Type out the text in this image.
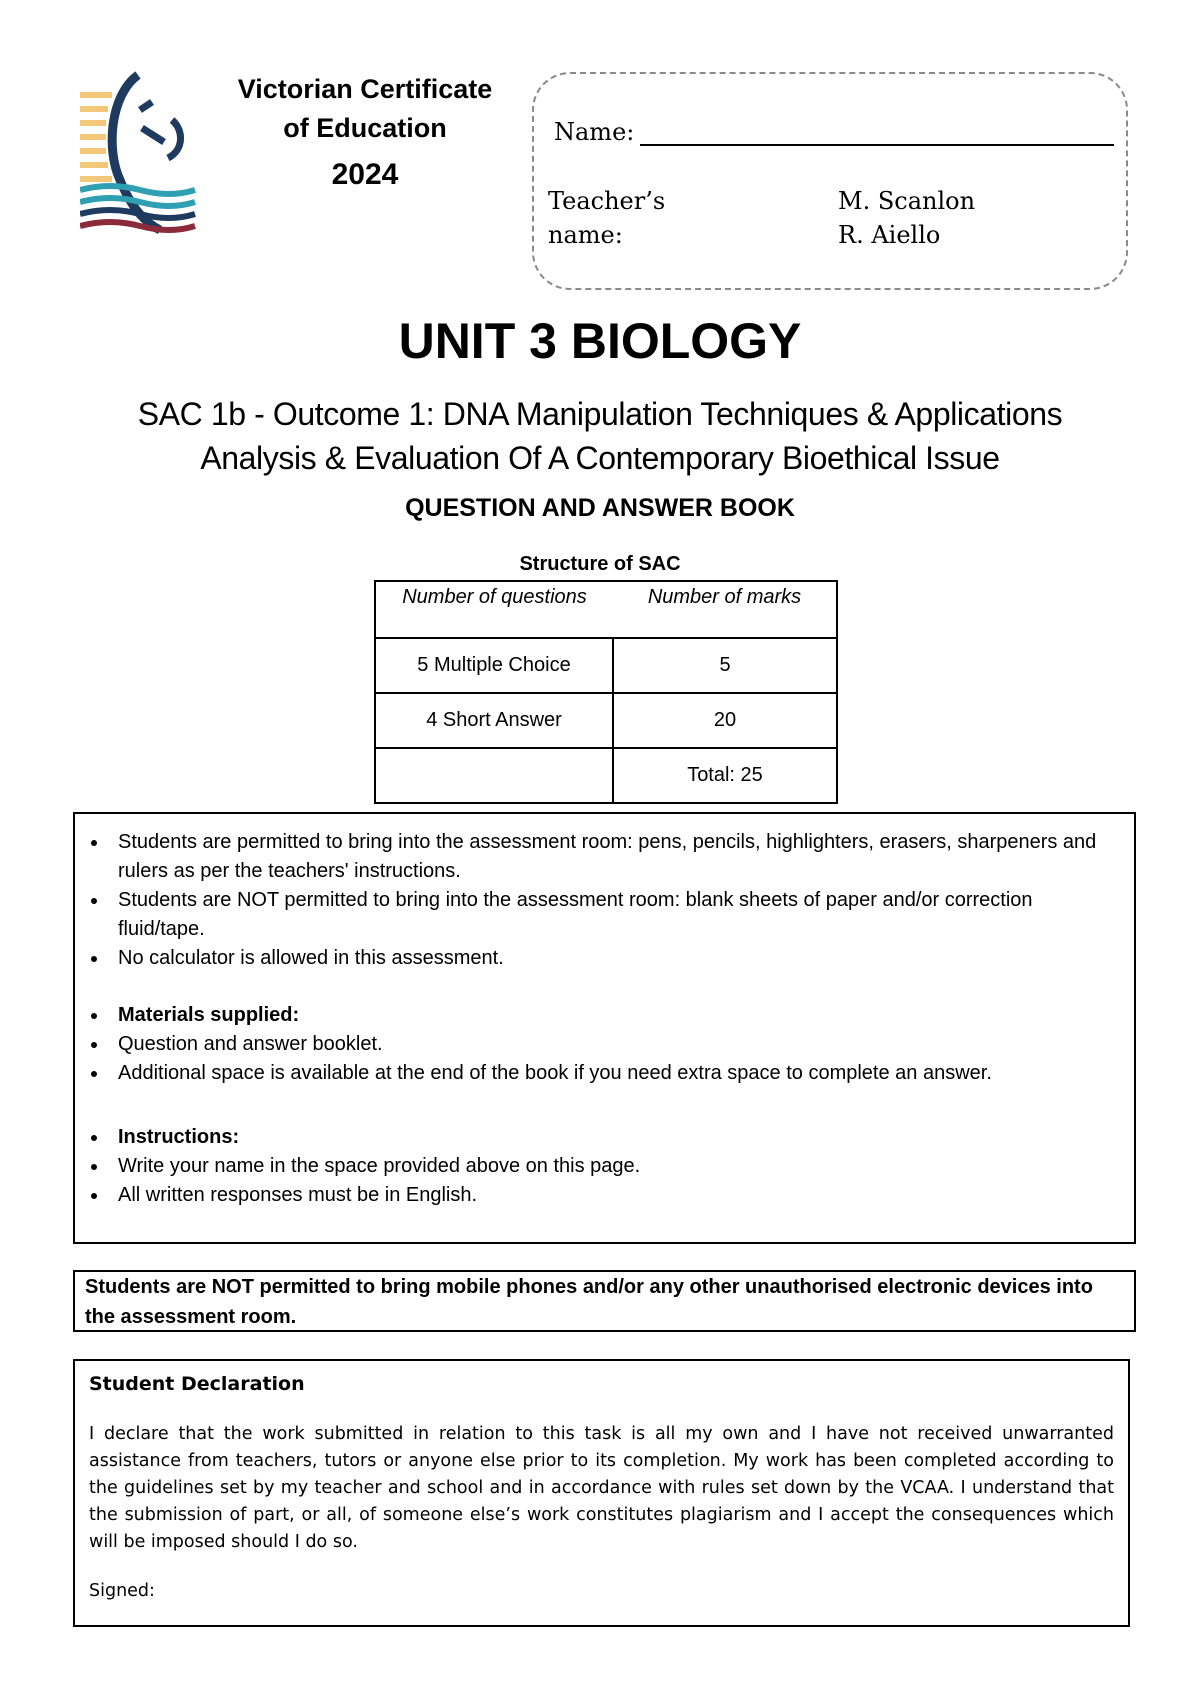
Victorian Certificate
of Education
2024
Name:
Teacher’s
name:
M. Scanlon
R. Aiello
UNIT 3 BIOLOGY
SAC 1b - Outcome 1: DNA Manipulation Techniques & Applications
Analysis & Evaluation Of A Contemporary Bioethical Issue
QUESTION AND ANSWER BOOK
Structure of SAC
Number of questions	Number of marks
5 Multiple Choice	5
4 Short Answer	20
	Total: 25
Students are permitted to bring into the assessment room: pens, pencils, highlighters, erasers, sharpeners and rulers as per the teachers' instructions.
Students are NOT permitted to bring into the assessment room: blank sheets of paper and/or correction fluid/tape.
No calculator is allowed in this assessment.
Materials supplied:
Question and answer booklet.
Additional space is available at the end of the book if you need extra space to complete an answer.
Instructions:
Write your name in the space provided above on this page.
All written responses must be in English.
Students are NOT permitted to bring mobile phones and/or any other unauthorised electronic devices into the assessment room.
Student Declaration
I declare that the work submitted in relation to this task is all my own and I have not received unwarranted assistance from teachers, tutors or anyone else prior to its completion. My work has been completed according to the guidelines set by my teacher and school and in accordance with rules set down by the VCAA. I understand that the submission of part, or all, of someone else’s work constitutes plagiarism and I accept the consequences which will be imposed should I do so.
Signed:
